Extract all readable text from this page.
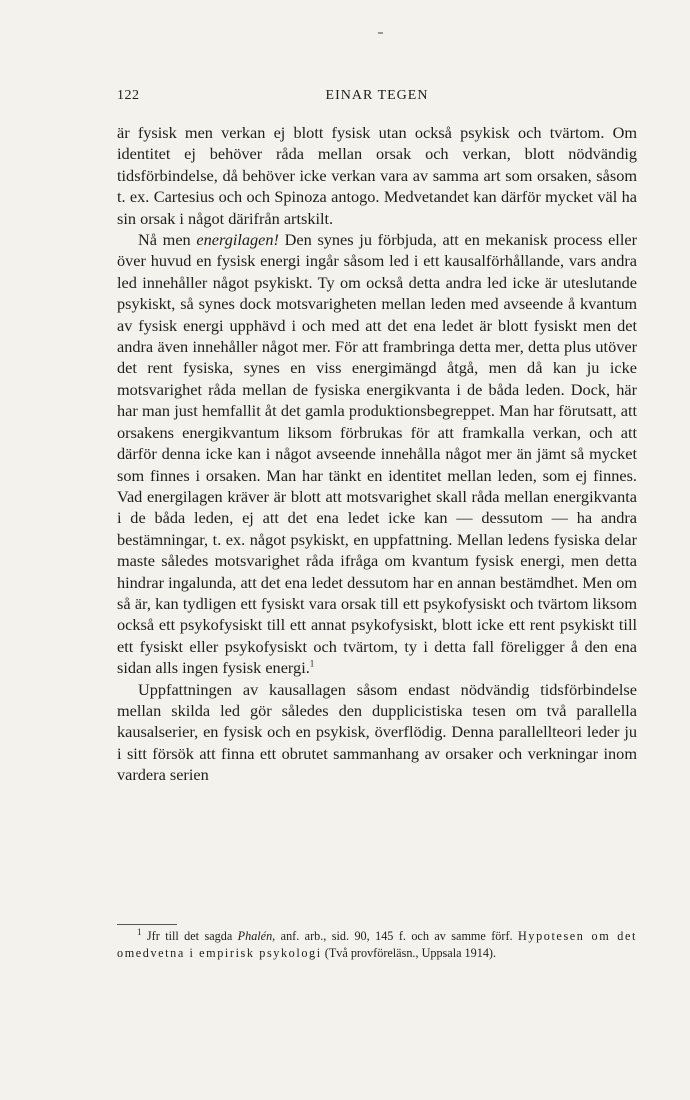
122	EINAR TEGEN

är fysisk men verkan ej blott fysisk utan också psykisk och tvärtom. Om identitet ej behöver råda mellan orsak och verkan, blott nödvändig tidsförbindelse, då behöver icke verkan vara av samma art som orsaken, såsom t. ex. Cartesius och och Spinoza antogo. Medvetandet kan därför mycket väl ha sin orsak i något därifrån artskilt.

Nå men energilagen! Den synes ju förbjuda, att en mekanisk process eller över huvud en fysisk energi ingår såsom led i ett kausalförhållande, vars andra led innehåller något psykiskt. Ty om också detta andra led icke är uteslutande psykiskt, så synes dock motsvarigheten mellan leden med avseende å kvantum av fysisk energi upphävd i och med att det ena ledet är blott fysiskt men det andra även innehåller något mer. För att frambringa detta mer, detta plus utöver det rent fysiska, synes en viss energimängd åtgå, men då kan ju icke motsvarighet råda mellan de fysiska energikvanta i de båda leden. Dock, här har man just hemfallit åt det gamla produktionsbegreppet. Man har förutsatt, att orsakens energikvantum liksom förbrukas för att framkalla verkan, och att därför denna icke kan i något avseende innehålla något mer än jämt så mycket som finnes i orsaken. Man har tänkt en identitet mellan leden, som ej finnes. Vad energilagen kräver är blott att motsvarighet skall råda mellan energikvanta i de båda leden, ej att det ena ledet icke kan — dessutom — ha andra bestämningar, t. ex. något psykiskt, en uppfattning. Mellan ledens fysiska delar maste således motsvarighet råda ifråga om kvantum fysisk energi, men detta hindrar ingalunda, att det ena ledet dessutom har en annan bestämdhet. Men om så är, kan tydligen ett fysiskt vara orsak till ett psykofysiskt och tvärtom liksom också ett psykofysiskt till ett annat psykofysiskt, blott icke ett rent psykiskt till ett fysiskt eller psykofysiskt och tvärtom, ty i detta fall föreligger å den ena sidan alls ingen fysisk energi.$^1$

Uppfattningen av kausallagen såsom endast nödvändig tidsförbindelse mellan skilda led gör således den dupplicistiska tesen om två parallella kausalserier, en fysisk och en psykisk, överflödig. Denna parallellteori leder ju i sitt försök att finna ett obrutet sammanhang av orsaker och verkningar inom vardera serien

$^1$ Jfr till det sagda Phalén, anf. arb., sid. 90, 145 f. och av samme förf. Hypotesen om det omedvetna i empirisk psykologi (Två provföreläsn., Uppsala 1914).
